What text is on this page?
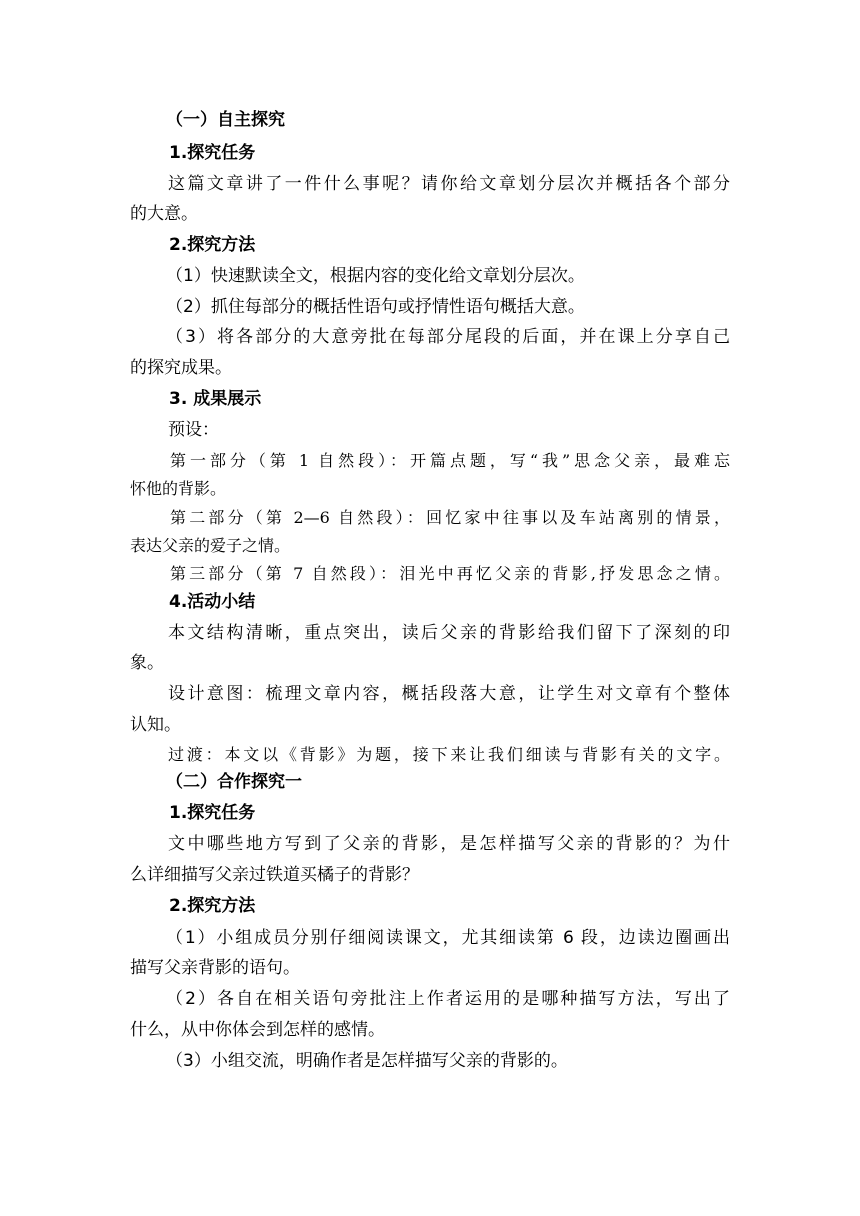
（一）自主探究
1.探究任务
这篇文章讲了一件什么事呢？请你给文章划分层次并概括各个部分
的大意。
2.探究方法
（1）快速默读全文，根据内容的变化给文章划分层次。
（2）抓住每部分的概括性语句或抒情性语句概括大意。
（3）将各部分的大意旁批在每部分尾段的后面，并在课上分享自己
的探究成果。
3. 成果展示
预设：
第一部分（第 1 自然段）：开篇点题，写“我”思念父亲，最难忘
怀他的背影。
第二部分（第 2—6 自然段）：回忆家中往事以及车站离别的情景，
表达父亲的爱子之情。
第三部分（第 7 自然段）：泪光中再忆父亲的背影,抒发思念之情。
4.活动小结
本文结构清晰，重点突出，读后父亲的背影给我们留下了深刻的印
象。
设计意图：梳理文章内容，概括段落大意，让学生对文章有个整体
认知。
过渡：本文以《背影》为题，接下来让我们细读与背影有关的文字。
（二）合作探究一
1.探究任务
文中哪些地方写到了父亲的背影，是怎样描写父亲的背影的？为什
么详细描写父亲过铁道买橘子的背影？
2.探究方法
（1）小组成员分别仔细阅读课文，尤其细读第 6 段，边读边圈画出
描写父亲背影的语句。
（2）各自在相关语句旁批注上作者运用的是哪种描写方法，写出了
什么，从中你体会到怎样的感情。
（3）小组交流，明确作者是怎样描写父亲的背影的。
